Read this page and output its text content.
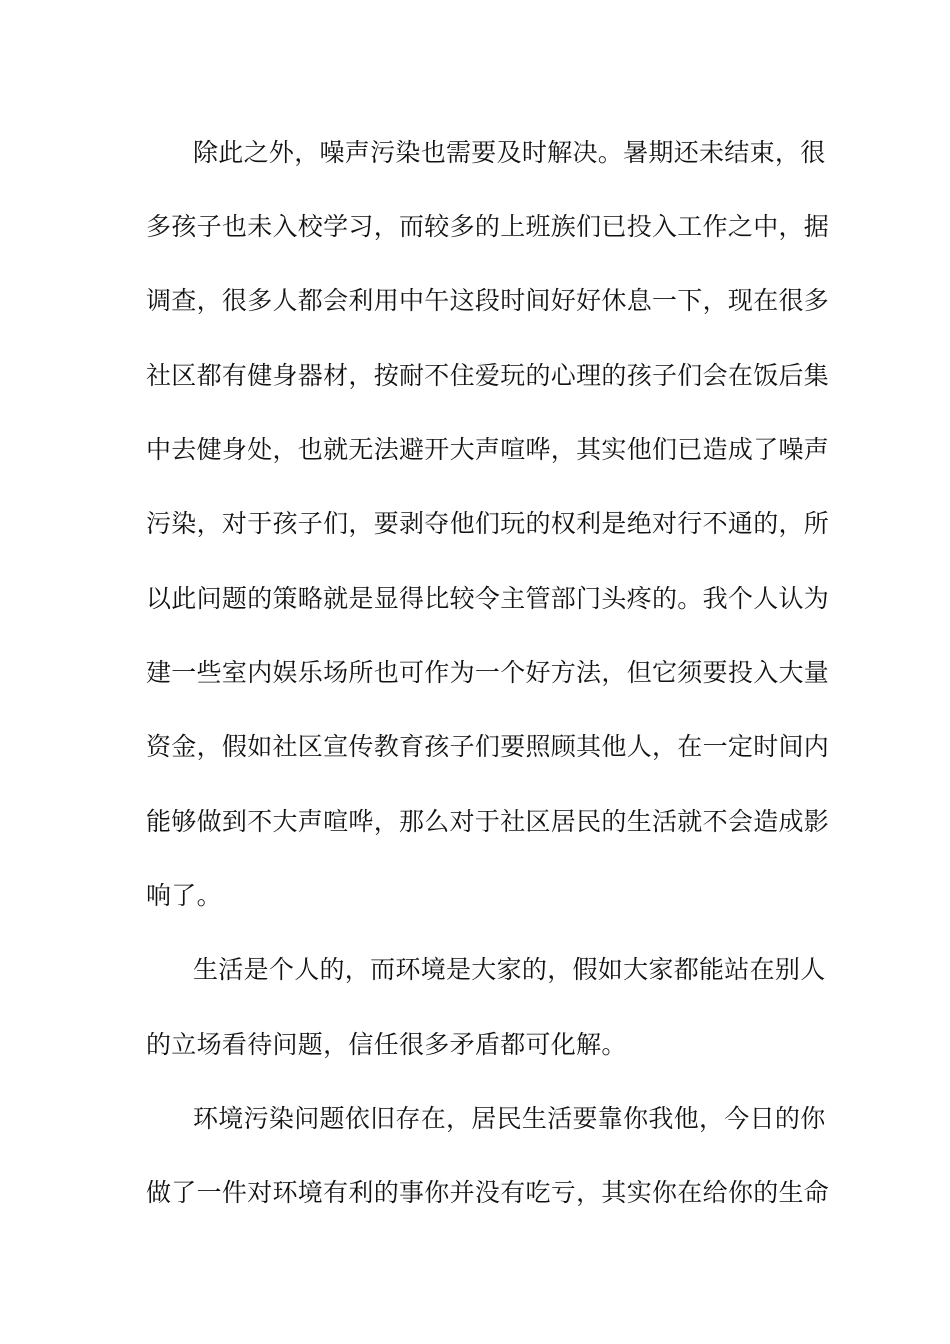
除此之外，噪声污染也需要及时解决。暑期还未结束，很
多孩子也未入校学习，而较多的上班族们已投入工作之中，据
调查，很多人都会利用中午这段时间好好休息一下，现在很多
社区都有健身器材，按耐不住爱玩的心理的孩子们会在饭后集
中去健身处，也就无法避开大声喧哗，其实他们已造成了噪声
污染，对于孩子们，要剥夺他们玩的权利是绝对行不通的，所
以此问题的策略就是显得比较令主管部门头疼的。我个人认为
建一些室内娱乐场所也可作为一个好方法，但它须要投入大量
资金，假如社区宣传教育孩子们要照顾其他人，在一定时间内
能够做到不大声喧哗，那么对于社区居民的生活就不会造成影
响了。
生活是个人的，而环境是大家的，假如大家都能站在别人
的立场看待问题，信任很多矛盾都可化解。
环境污染问题依旧存在，居民生活要靠你我他，今日的你
做了一件对环境有利的事你并没有吃亏，其实你在给你的生命
